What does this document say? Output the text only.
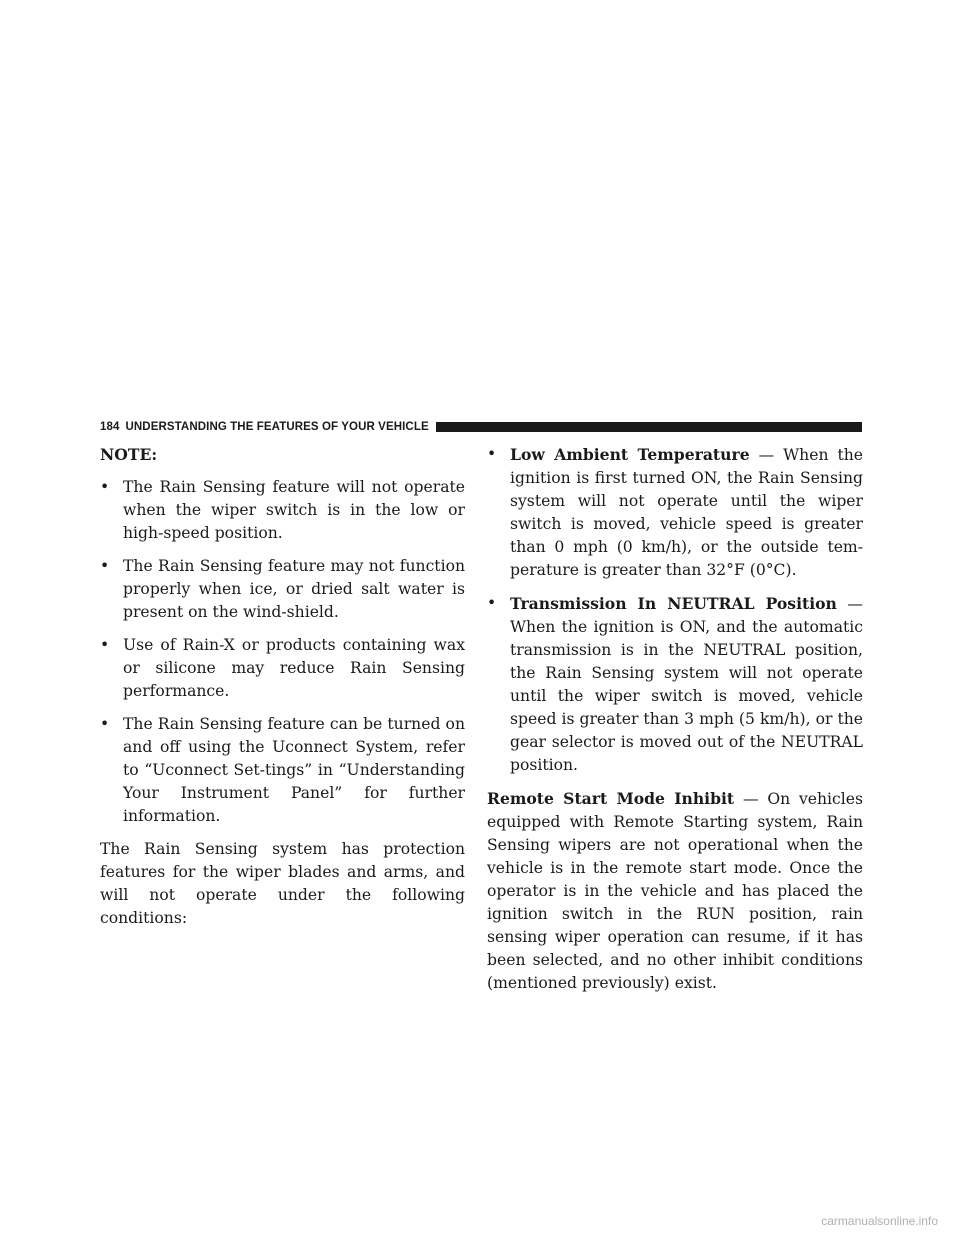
184 UNDERSTANDING THE FEATURES OF YOUR VEHICLE

NOTE:

• The Rain Sensing feature will not operate when the wiper switch is in the low or high-speed position.
• The Rain Sensing feature may not function properly when ice, or dried salt water is present on the wind-shield.
• Use of Rain-X or products containing wax or silicone may reduce Rain Sensing performance.
• The Rain Sensing feature can be turned on and off using the Uconnect System, refer to “Uconnect Set-tings” in “Understanding Your Instrument Panel” for further information.

The Rain Sensing system has protection features for the wiper blades and arms, and will not operate under the following conditions:

• Low Ambient Temperature — When the ignition is first turned ON, the Rain Sensing system will not operate until the wiper switch is moved, vehicle speed is greater than 0 mph (0 km/h), or the outside tem-perature is greater than 32°F (0°C).
• Transmission In NEUTRAL Position — When the ignition is ON, and the automatic transmission is in the NEUTRAL position, the Rain Sensing system will not operate until the wiper switch is moved, vehicle speed is greater than 3 mph (5 km/h), or the gear selector is moved out of the NEUTRAL position.

Remote Start Mode Inhibit — On vehicles equipped with Remote Starting system, Rain Sensing wipers are not operational when the vehicle is in the remote start mode. Once the operator is in the vehicle and has placed the ignition switch in the RUN position, rain sensing wiper operation can resume, if it has been selected, and no other inhibit conditions (mentioned previously) exist.

carmanualsonline.info
